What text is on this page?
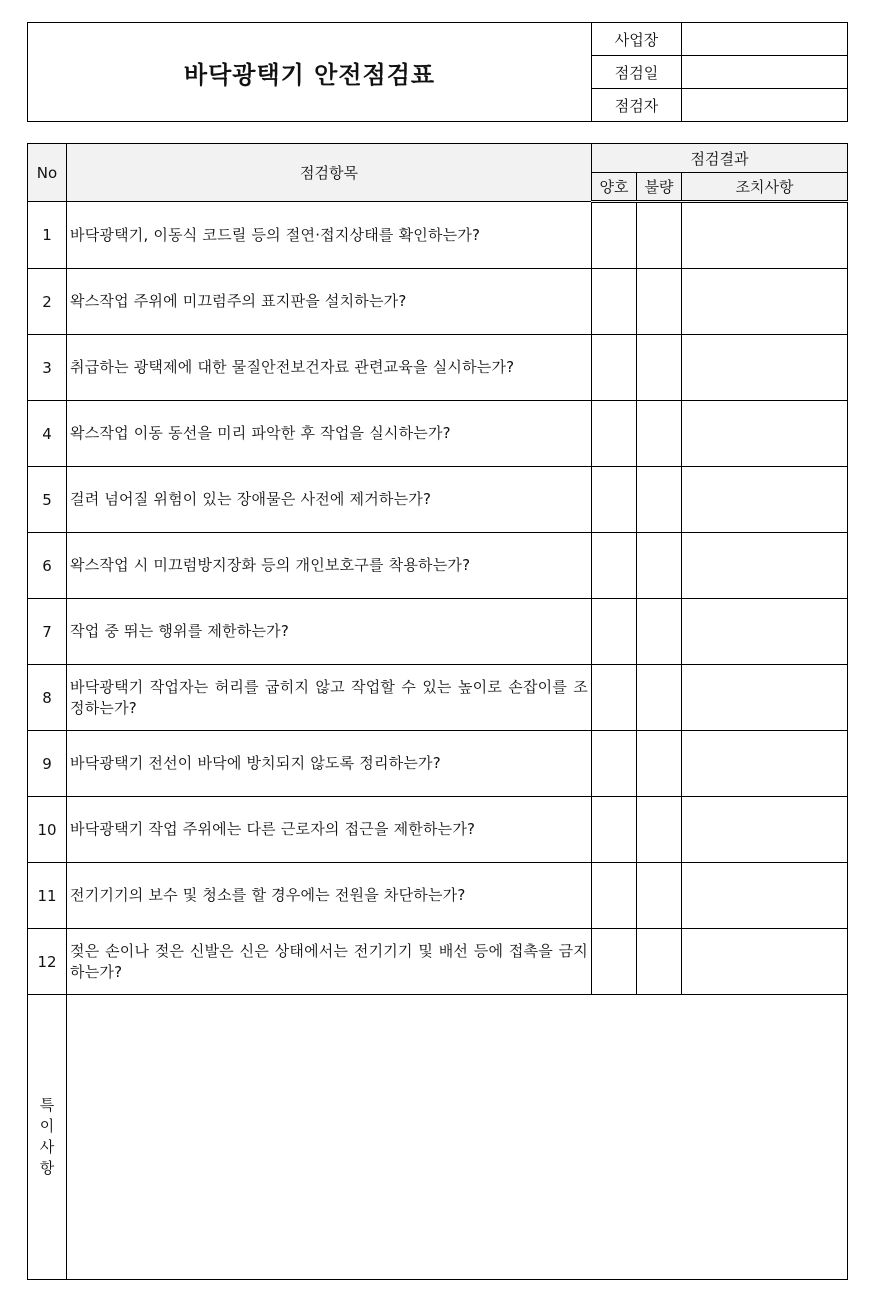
바닥광택기 안전점검표	사업장	
	점검일	
	점검자	
No	점검항목	점검결과		
		양호	불량	조치사항
1	바닥광택기, 이동식 코드릴 등의 절연·접지상태를 확인하는가?			
2	왁스작업 주위에 미끄럼주의 표지판을 설치하는가?			
3	취급하는 광택제에 대한 물질안전보건자료 관련교육을 실시하는가?			
4	왁스작업 이동 동선을 미리 파악한 후 작업을 실시하는가?			
5	걸려 넘어질 위험이 있는 장애물은 사전에 제거하는가?			
6	왁스작업 시 미끄럼방지장화 등의 개인보호구를 착용하는가?			
7	작업 중 뛰는 행위를 제한하는가?			
8	바닥광택기 작업자는 허리를 굽히지 않고 작업할 수 있는 높이로 손잡이를 조정하는가?			
9	바닥광택기 전선이 바닥에 방치되지 않도록 정리하는가?			
10	바닥광택기 작업 주위에는 다른 근로자의 접근을 제한하는가?			
11	전기기기의 보수 및 청소를 할 경우에는 전원을 차단하는가?			
12	젖은 손이나 젖은 신발은 신은 상태에서는 전기기기 및 배선 등에 접촉을 금지하는가?			
특이사항				
